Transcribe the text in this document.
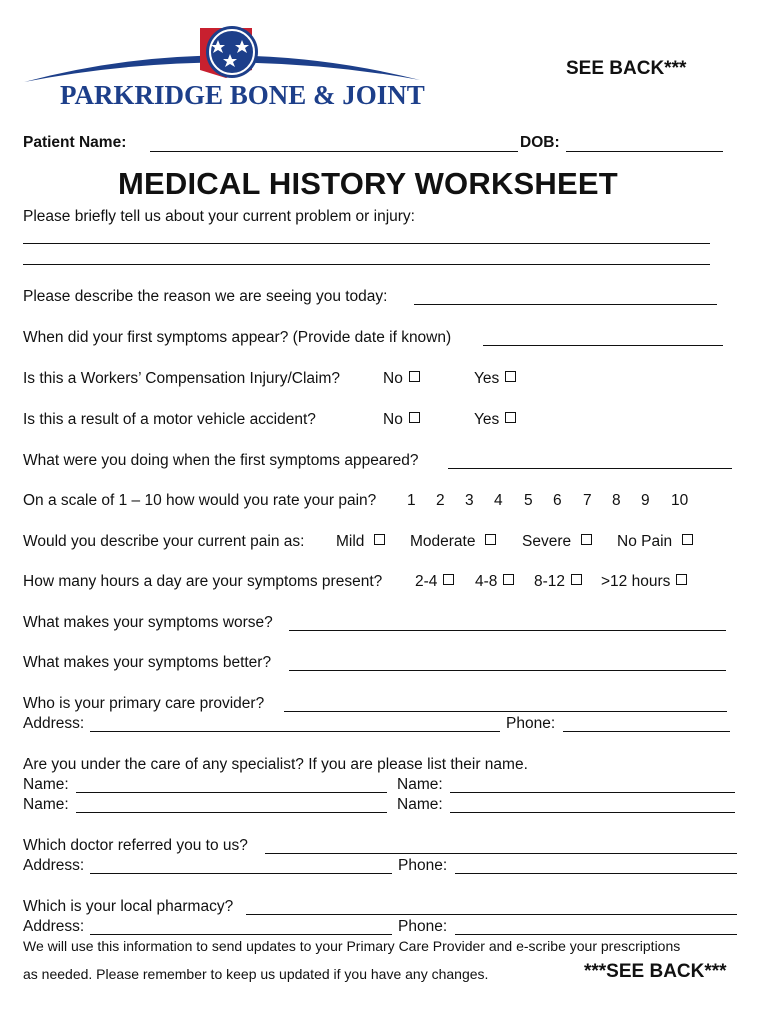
PARKRIDGE BONE & JOINT
SEE BACK***
Patient Name:	DOB:
MEDICAL HISTORY WORKSHEET
Please briefly tell us about your current problem or injury:
Please describe the reason we are seeing you today:
When did your first symptoms appear? (Provide date if known)
Is this a Workers’ Compensation Injury/Claim?	No	Yes
Is this a result of a motor vehicle accident?	No	Yes
What were you doing when the first symptoms appeared?
On a scale of 1 – 10 how would you rate your pain? 1 2 3 4 5 6 7 8 9 10
Would you describe your current pain as: Mild	Moderate	Severe	No Pain
How many hours a day are your symptoms present? 2-4	4-8	8-12	>12 hours
What makes your symptoms worse?
What makes your symptoms better?
Who is your primary care provider?
Address:	Phone:
Are you under the care of any specialist? If you are please list their name.
Name:	Name:
Name:	Name:
Which doctor referred you to us?
Address:	Phone:
Which is your local pharmacy?
Address:	Phone:
We will use this information to send updates to your Primary Care Provider and e-scribe your prescriptions
as needed. Please remember to keep us updated if you have any changes.	***SEE BACK***
